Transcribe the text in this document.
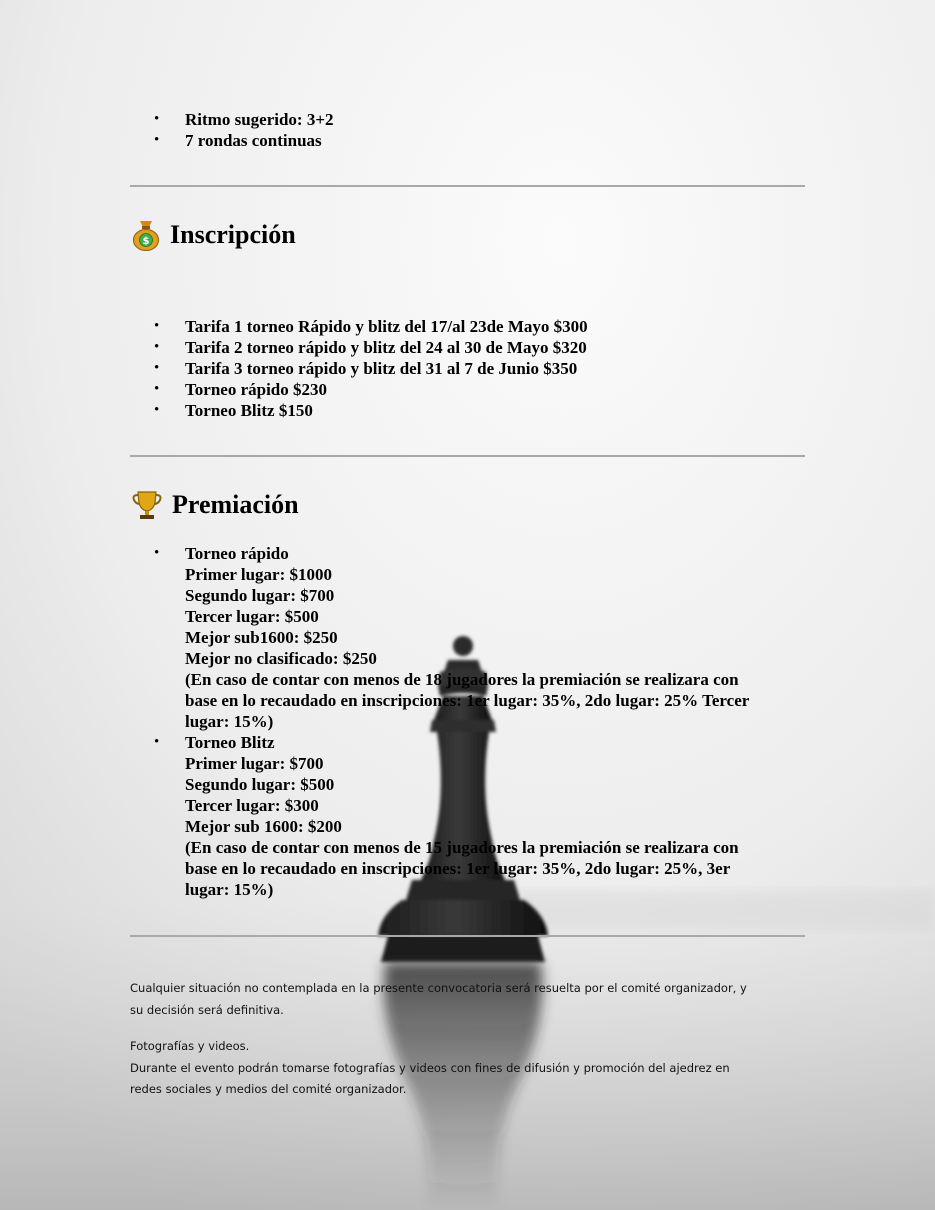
• Ritmo sugerido: 3+2
• 7 rondas continuas
$ Inscripción
• Tarifa 1 torneo Rápido y blitz del 17/al 23de Mayo $300
• Tarifa 2 torneo rápido y blitz del 24 al 30 de Mayo $320
• Tarifa 3 torneo rápido y blitz del 31 al 7 de Junio $350
• Torneo rápido $230
• Torneo Blitz $150
Premiación
• Torneo rápido
Primer lugar: $1000
Segundo lugar: $700
Tercer lugar: $500
Mejor sub1600: $250
Mejor no clasificado: $250
(En caso de contar con menos de 18 jugadores la premiación se realizara con
base en lo recaudado en inscripciones: 1er lugar: 35%, 2do lugar: 25% Tercer
lugar: 15%)
• Torneo Blitz
Primer lugar: $700
Segundo lugar: $500
Tercer lugar: $300
Mejor sub 1600: $200
(En caso de contar con menos de 15 jugadores la premiación se realizara con
base en lo recaudado en inscripciones: 1er lugar: 35%, 2do lugar: 25%, 3er
lugar: 15%)

Cualquier situación no contemplada en la presente convocatoria será resuelta por el comité organizador, y

su decisión será definitiva.

Fotografías y videos.

Durante el evento podrán tomarse fotografías y videos con fines de difusión y promoción del ajedrez en

redes sociales y medios del comité organizador.
